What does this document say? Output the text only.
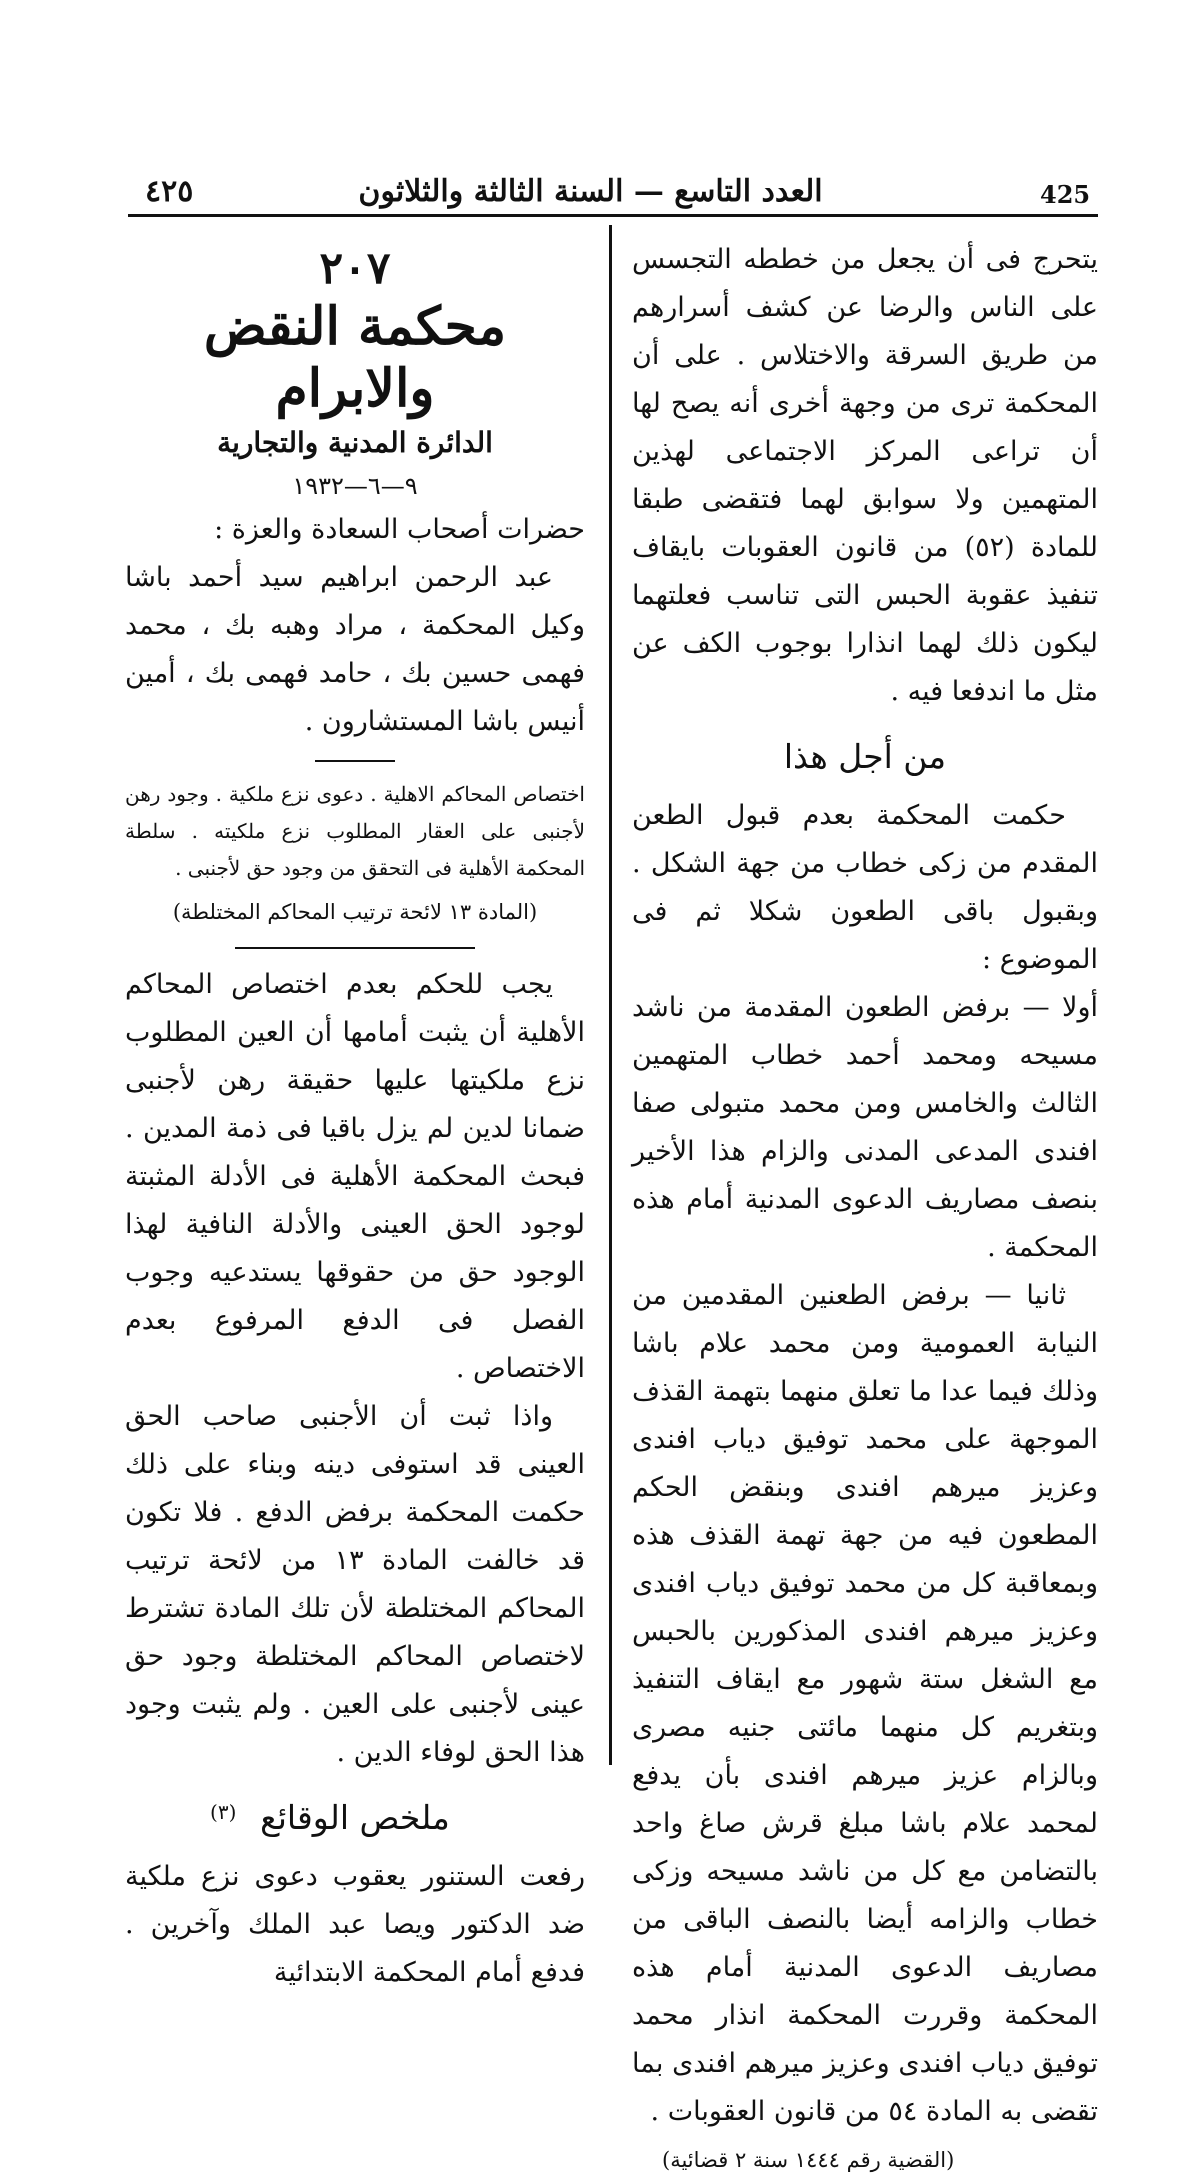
425
العدد التاسع — السنة الثالثة والثلاثون
٤٢٥

يتحرج فى أن يجعل من خططه التجسس على الناس والرضا عن كشف أسرارهم من طريق السرقة والاختلاس . على أن المحكمة ترى من وجهة أخرى أنه يصح لها أن تراعى المركز الاجتماعى لهذين المتهمين ولا سوابق لهما فتقضى طبقا للمادة (٥٢) من قانون العقوبات بايقاف تنفيذ عقوبة الحبس التى تناسب فعلتهما ليكون ذلك لهما انذارا بوجوب الكف عن مثل ما اندفعا فيه .

من أجل هذا

حكمت المحكمة بعدم قبول الطعن المقدم من زكى خطاب من جهة الشكل . وبقبول باقى الطعون شكلا ثم فى الموضوع :

أولا — برفض الطعون المقدمة من ناشد مسيحه ومحمد أحمد خطاب المتهمين الثالث والخامس ومن محمد متبولى صفا افندى المدعى المدنى والزام هذا الأخير بنصف مصاريف الدعوى المدنية أمام هذه المحكمة .

ثانيا — برفض الطعنين المقدمين من النيابة العمومية ومن محمد علام باشا وذلك فيما عدا ما تعلق منهما بتهمة القذف الموجهة على محمد توفيق دياب افندى وعزيز ميرهم افندى وبنقض الحكم المطعون فيه من جهة تهمة القذف هذه وبمعاقبة كل من محمد توفيق دياب افندى وعزيز ميرهم افندى المذكورين بالحبس مع الشغل ستة شهور مع ايقاف التنفيذ وبتغريم كل منهما مائتى جنيه مصرى وبالزام عزيز ميرهم افندى بأن يدفع لمحمد علام باشا مبلغ قرش صاغ واحد بالتضامن مع كل من ناشد مسيحه وزكى خطاب والزامه أيضا بالنصف الباقى من مصاريف الدعوى المدنية أمام هذه المحكمة وقررت المحكمة انذار محمد توفيق دياب افندى وعزيز ميرهم افندى بما تقضى به المادة ٥٤ من قانون العقوبات .

(القضية رقم ١٤٤٤ سنة ٢ قضائية)
٢٠٧
محكمة النقض والابرام
الدائرة المدنية والتجارية
٩—٦—١٩٣٢

حضرات أصحاب السعادة والعزة :

عبد الرحمن ابراهيم سيد أحمد باشا وكيل المحكمة ، مراد وهبه بك ، محمد فهمى حسين بك ، حامد فهمى بك ، أمين أنيس باشا المستشارون .

اختصاص المحاكم الاهلية . دعوى نزع ملكية . وجود رهن لأجنبى على العقار المطلوب نزع ملكيته . سلطة المحكمة الأهلية فى التحقق من وجود حق لأجنبى .

(المادة ١٣ لائحة ترتيب المحاكم المختلطة)

يجب للحكم بعدم اختصاص المحاكم الأهلية أن يثبت أمامها أن العين المطلوب نزع ملكيتها عليها حقيقة رهن لأجنبى ضمانا لدين لم يزل باقيا فى ذمة المدين . فبحث المحكمة الأهلية فى الأدلة المثبتة لوجود الحق العينى والأدلة النافية لهذا الوجود حق من حقوقها يستدعيه وجوب الفصل فى الدفع المرفوع بعدم الاختصاص .

واذا ثبت أن الأجنبى صاحب الحق العينى قد استوفى دينه وبناء على ذلك حكمت المحكمة برفض الدفع . فلا تكون قد خالفت المادة ١٣ من لائحة ترتيب المحاكم المختلطة لأن تلك المادة تشترط لاختصاص المحاكم المختلطة وجود حق عينى لأجنبى على العين . ولم يثبت وجود هذا الحق لوفاء الدين .

ملخص الوقائع

رفعت الستنور يعقوب دعوى نزع ملكية ضد الدكتور ويصا عبد الملك وآخرين . فدفع أمام المحكمة الابتدائية

(٣)
